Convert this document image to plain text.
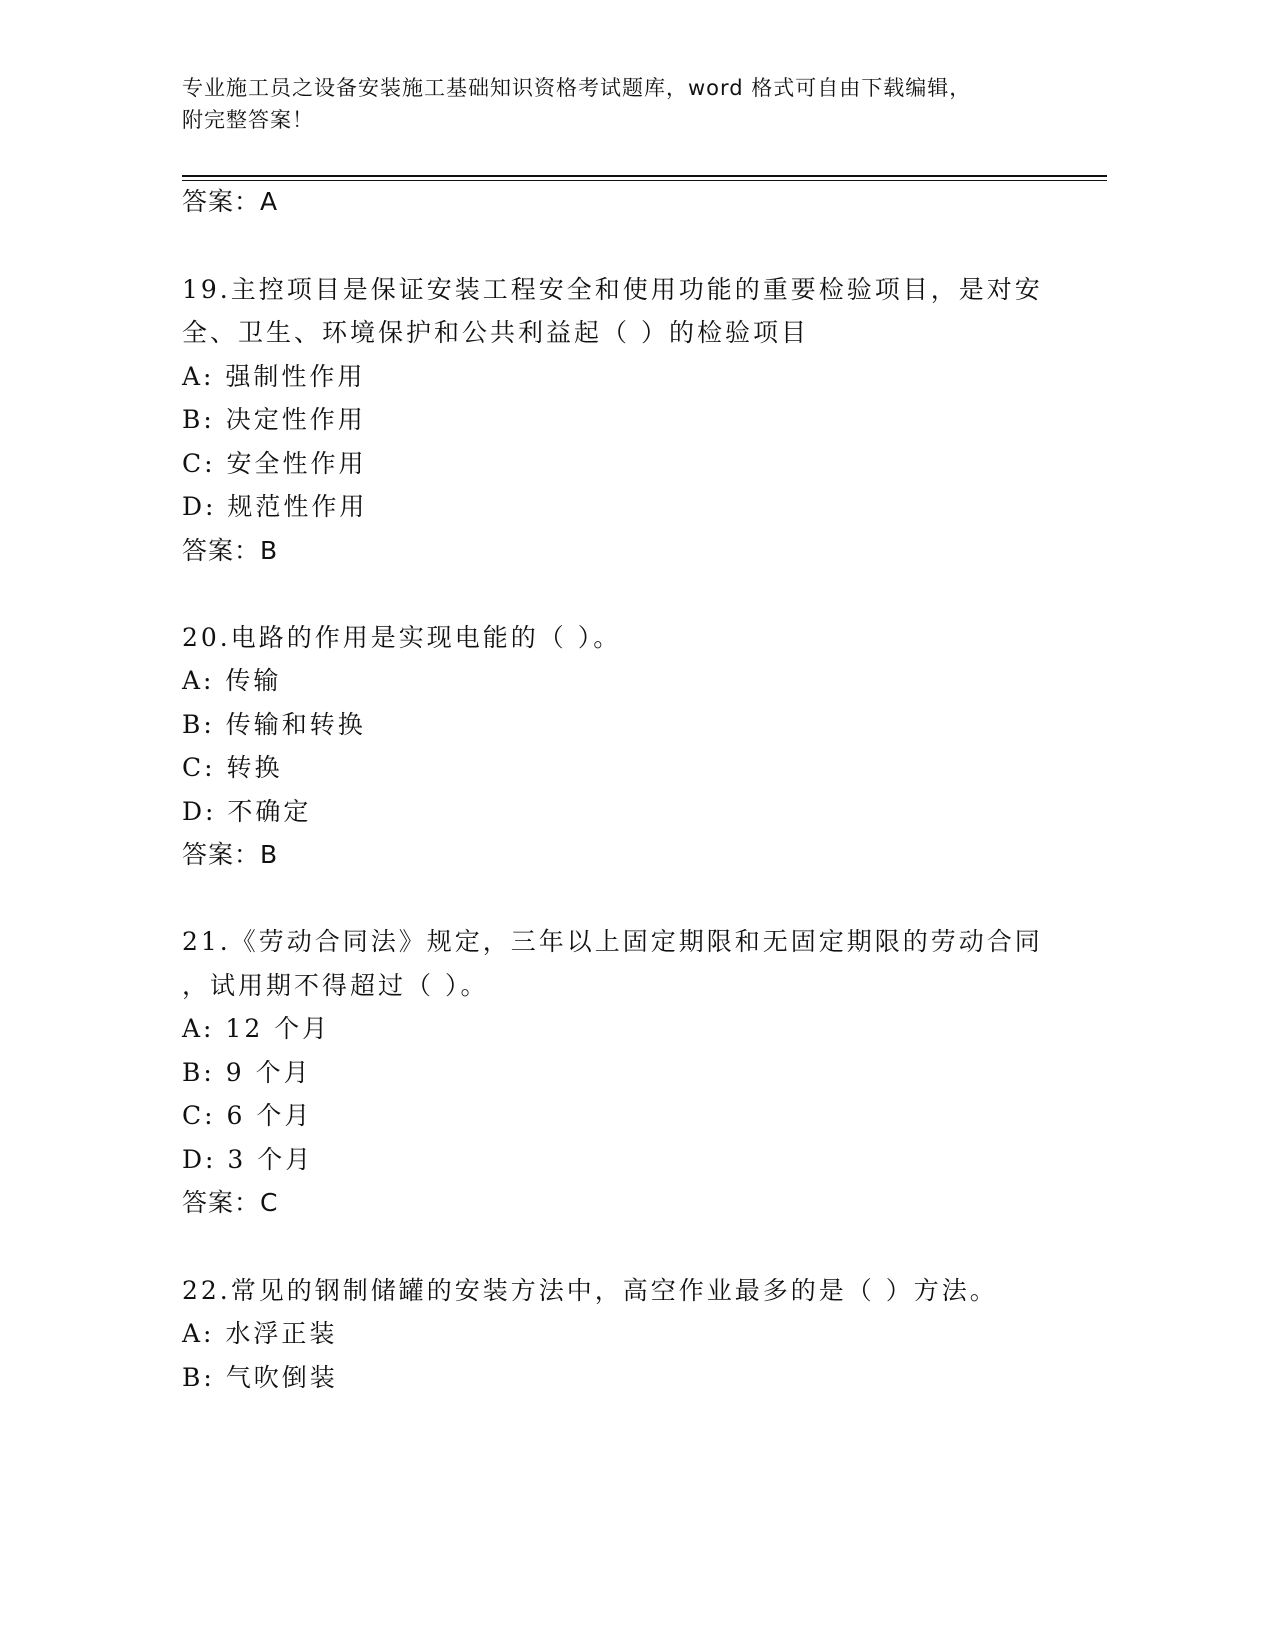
专业施工员之设备安装施工基础知识资格考试题库，word 格式可自由下载编辑，
附完整答案！
答案：A
19.主控项目是保证安装工程安全和使用功能的重要检验项目，是对安
全、卫生、环境保护和公共利益起（ ）的检验项目
A: 强制性作用
B: 决定性作用
C: 安全性作用
D: 规范性作用
答案：B
20.电路的作用是实现电能的（ ）。
A: 传输
B: 传输和转换
C: 转换
D: 不确定
答案：B
21.《劳动合同法》规定，三年以上固定期限和无固定期限的劳动合同
，试用期不得超过（ ）。
A: 12 个月
B: 9 个月
C: 6 个月
D: 3 个月
答案：C
22.常见的钢制储罐的安装方法中，高空作业最多的是（ ）方法。
A: 水浮正装
B: 气吹倒装
